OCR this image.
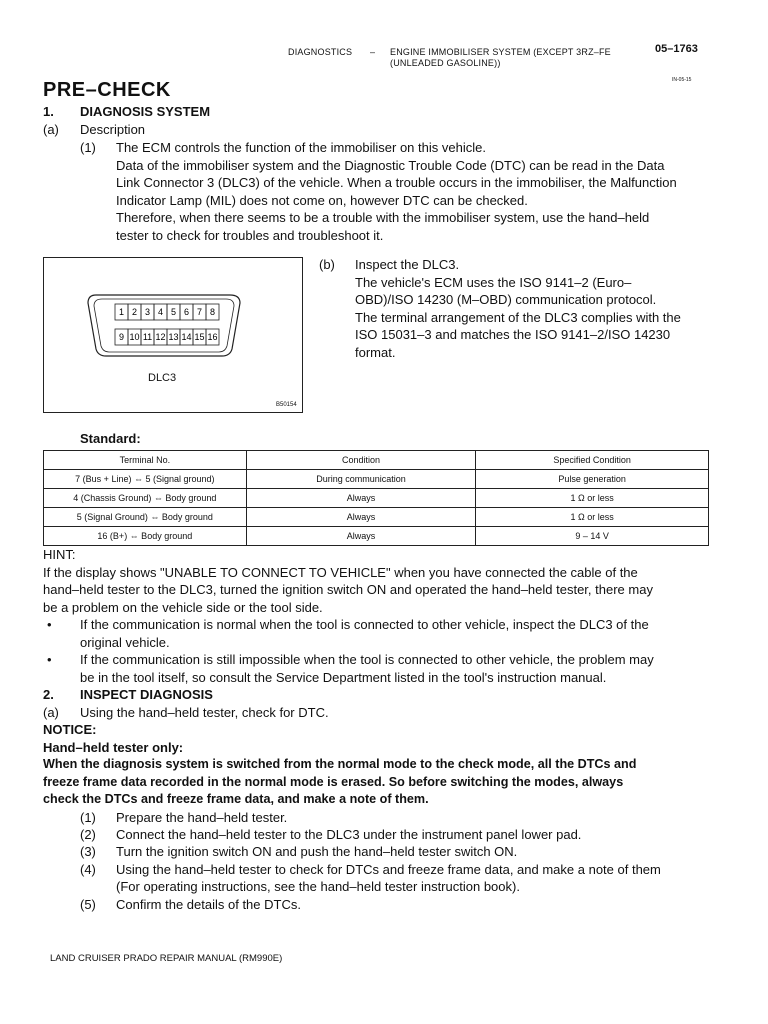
DIAGNOSTICS – ENGINE IMMOBILISER SYSTEM (EXCEPT 3RZ–FE
(UNLEADED GASOLINE))
05–1763
IN-05-15
PRE–CHECK
1. DIAGNOSIS SYSTEM
(a) Description
(1) The ECM controls the function of the immobiliser on this vehicle.
Data of the immobiliser system and the Diagnostic Trouble Code (DTC) can be read in the Data
Link Connector 3 (DLC3) of the vehicle. When a trouble occurs in the immobiliser, the Malfunction
Indicator Lamp (MIL) does not come on, however DTC can be checked.
Therefore, when there seems to be a trouble with the immobiliser system, use the hand–held
tester to check for troubles and troubleshoot it.
1 2 3 4 5 6 7 8
9 10 11 12 13 14 15 16
DLC3
B50154
(b) Inspect the DLC3.
The vehicle's ECM uses the ISO 9141–2 (Euro–
OBD)/ISO 14230 (M–OBD) communication protocol.
The terminal arrangement of the DLC3 complies with the
ISO 15031–3 and matches the ISO 9141–2/ISO 14230
format.
Standard:
Terminal No.	Condition	Specified Condition
7 (Bus + Line) ⇔ 5 (Signal ground)	During communication	Pulse generation
4 (Chassis Ground) ⇔ Body ground	Always	1 Ω or less
5 (Signal Ground) ⇔ Body ground	Always	1 Ω or less
16 (B+) ⇔ Body ground	Always	9 – 14 V
HINT:
If the display shows "UNABLE TO CONNECT TO VEHICLE" when you have connected the cable of the
hand–held tester to the DLC3, turned the ignition switch ON and operated the hand–held tester, there may
be a problem on the vehicle side or the tool side.
• If the communication is normal when the tool is connected to other vehicle, inspect the DLC3 of the
original vehicle.
• If the communication is still impossible when the tool is connected to other vehicle, the problem may
be in the tool itself, so consult the Service Department listed in the tool's instruction manual.
2. INSPECT DIAGNOSIS
(a) Using the hand–held tester, check for DTC.
NOTICE:
Hand–held tester only:
When the diagnosis system is switched from the normal mode to the check mode, all the DTCs and
freeze frame data recorded in the normal mode is erased. So before switching the modes, always
check the DTCs and freeze frame data, and make a note of them.
(1) Prepare the hand–held tester.
(2) Connect the hand–held tester to the DLC3 under the instrument panel lower pad.
(3) Turn the ignition switch ON and push the hand–held tester switch ON.
(4) Using the hand–held tester to check for DTCs and freeze frame data, and make a note of them
(For operating instructions, see the hand–held tester instruction book).
(5) Confirm the details of the DTCs.
LAND CRUISER PRADO REPAIR MANUAL (RM990E)
